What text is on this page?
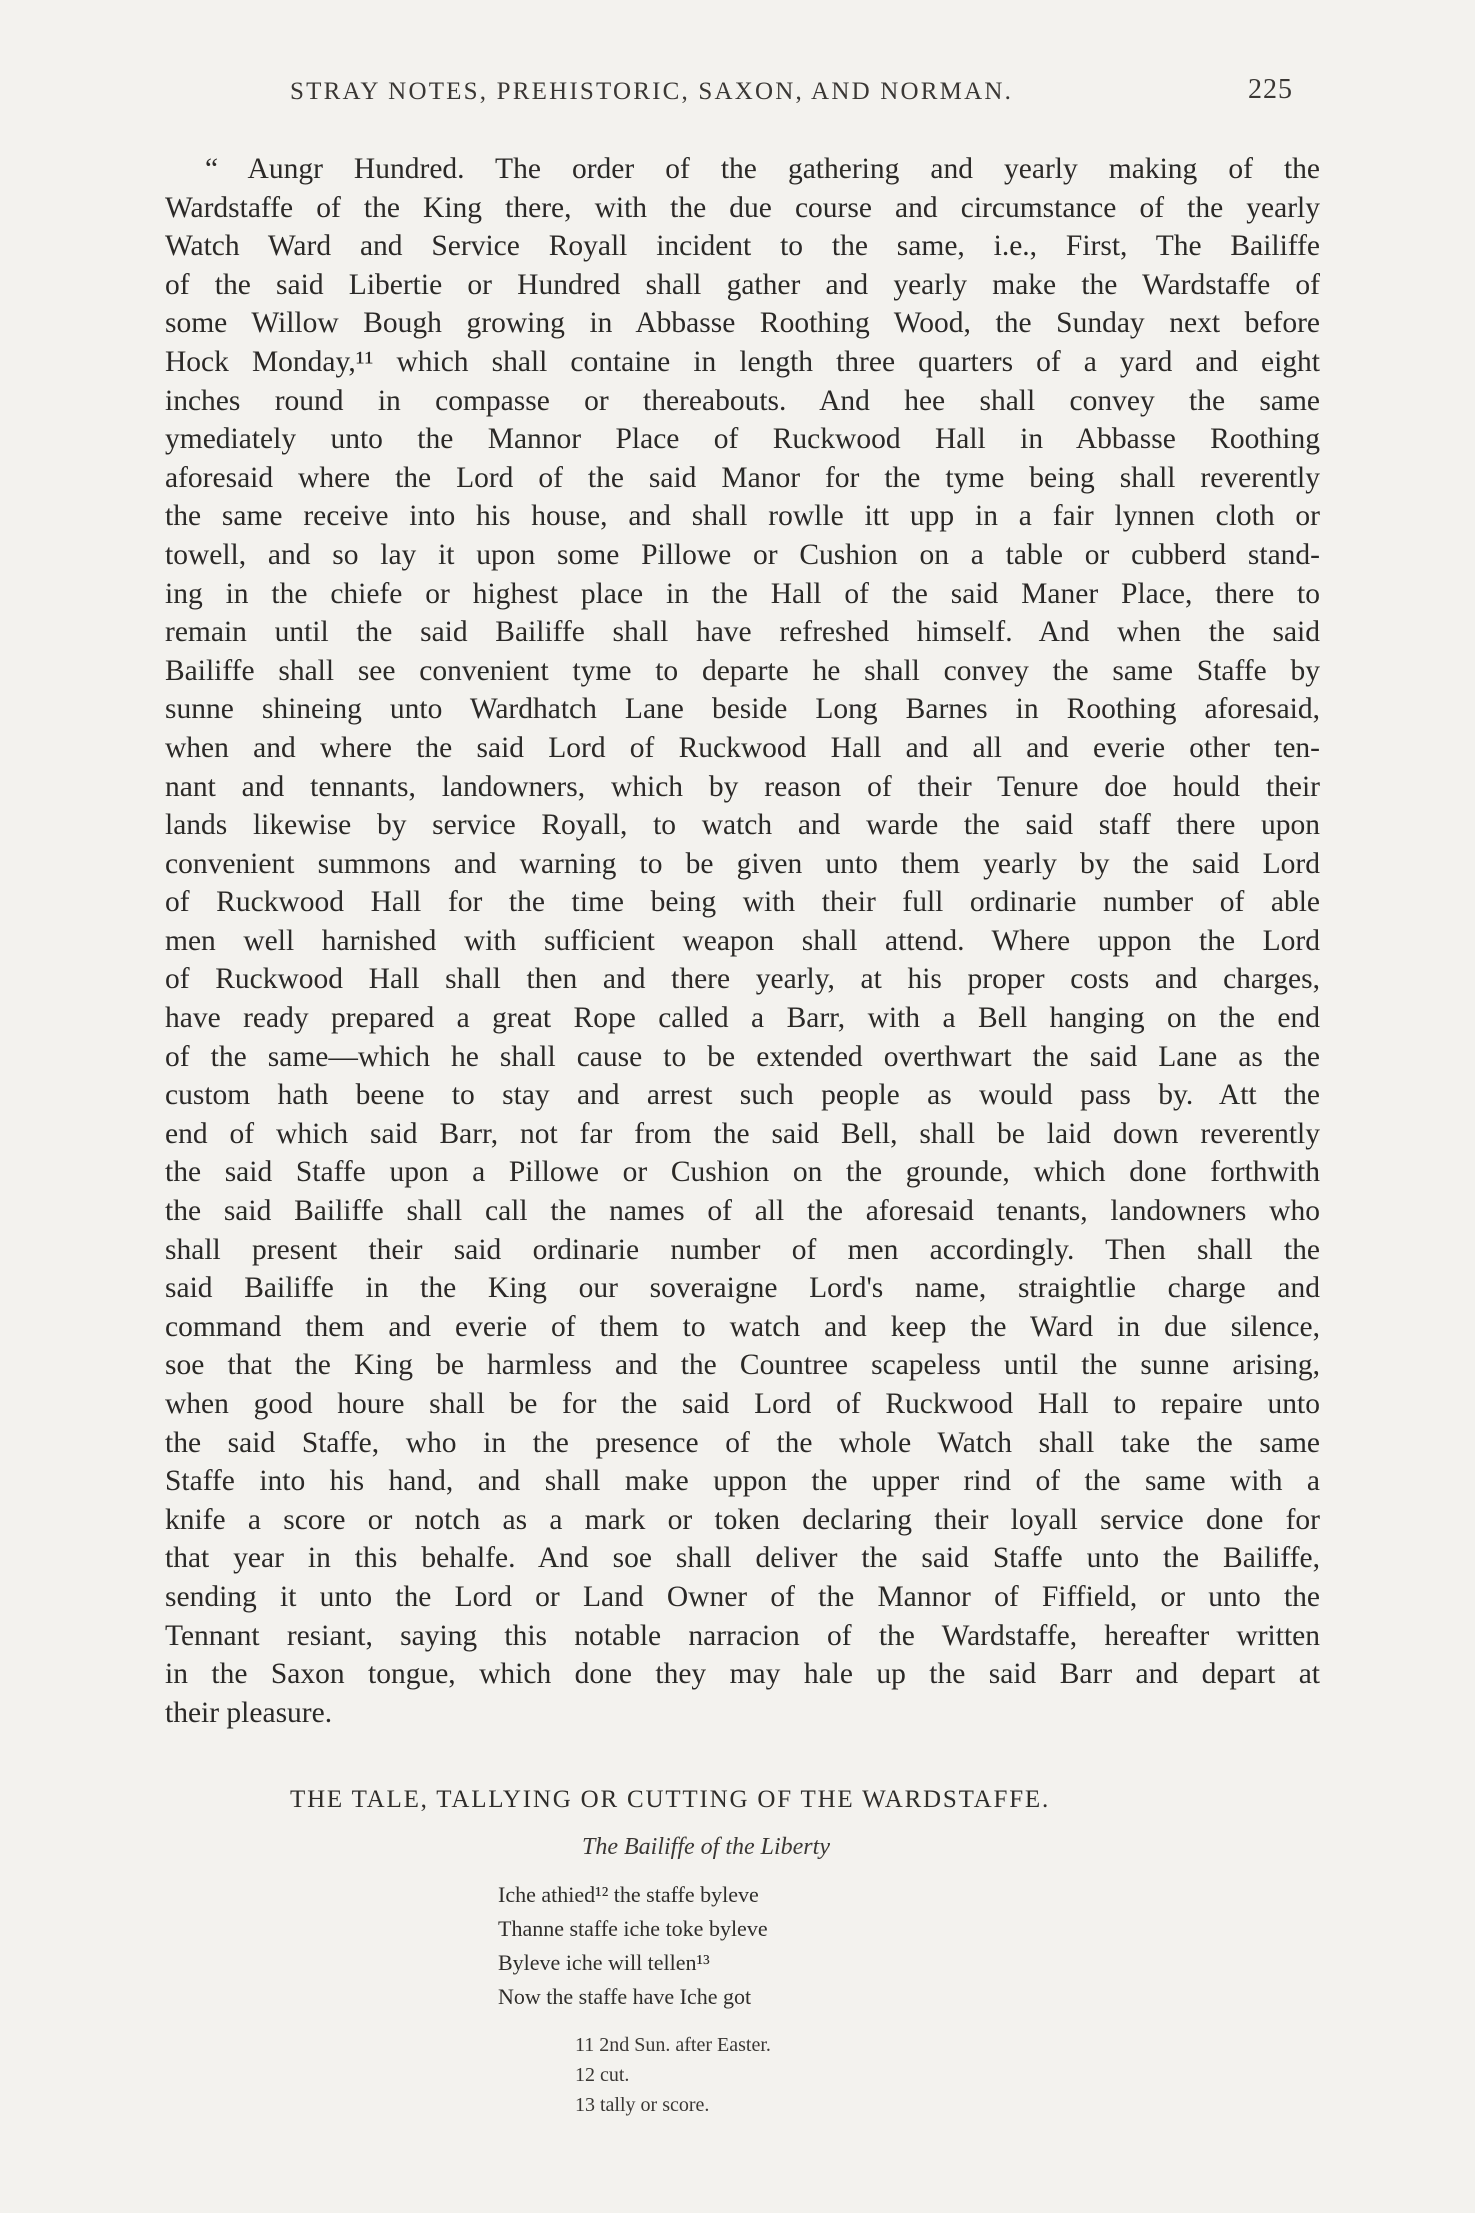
STRAY NOTES, PREHISTORIC, SAXON, AND NORMAN.	225
“ Aungr Hundred. The order of the gathering and yearly making of the
Wardstaffe of the King there, with the due course and circumstance of the yearly
Watch Ward and Service Royall incident to the same, i.e., First, The Bailiffe
of the said Libertie or Hundred shall gather and yearly make the Wardstaffe of
some Willow Bough growing in Abbasse Roothing Wood, the Sunday next before
Hock Monday,¹¹ which shall containe in length three quarters of a yard and eight
inches round in compasse or thereabouts. And hee shall convey the same
ymediately unto the Mannor Place of Ruckwood Hall in Abbasse Roothing
aforesaid where the Lord of the said Manor for the tyme being shall reverently
the same receive into his house, and shall rowlle itt upp in a fair lynnen cloth or
towell, and so lay it upon some Pillowe or Cushion on a table or cubberd stand-
ing in the chiefe or highest place in the Hall of the said Maner Place, there to
remain until the said Bailiffe shall have refreshed himself. And when the said
Bailiffe shall see convenient tyme to departe he shall convey the same Staffe by
sunne shineing unto Wardhatch Lane beside Long Barnes in Roothing aforesaid,
when and where the said Lord of Ruckwood Hall and all and everie other ten-
nant and tennants, landowners, which by reason of their Tenure doe hould their
lands likewise by service Royall, to watch and warde the said staff there upon
convenient summons and warning to be given unto them yearly by the said Lord
of Ruckwood Hall for the time being with their full ordinarie number of able
men well harnished with sufficient weapon shall attend. Where uppon the Lord
of Ruckwood Hall shall then and there yearly, at his proper costs and charges,
have ready prepared a great Rope called a Barr, with a Bell hanging on the end
of the same—which he shall cause to be extended overthwart the said Lane as the
custom hath beene to stay and arrest such people as would pass by. Att the
end of which said Barr, not far from the said Bell, shall be laid down reverently
the said Staffe upon a Pillowe or Cushion on the grounde, which done forthwith
the said Bailiffe shall call the names of all the aforesaid tenants, landowners who
shall present their said ordinarie number of men accordingly. Then shall the
said Bailiffe in the King our soveraigne Lord's name, straightlie charge and
command them and everie of them to watch and keep the Ward in due silence,
soe that the King be harmless and the Countree scapeless until the sunne arising,
when good houre shall be for the said Lord of Ruckwood Hall to repaire unto
the said Staffe, who in the presence of the whole Watch shall take the same
Staffe into his hand, and shall make uppon the upper rind of the same with a
knife a score or notch as a mark or token declaring their loyall service done for
that year in this behalfe. And soe shall deliver the said Staffe unto the Bailiffe,
sending it unto the Lord or Land Owner of the Mannor of Fiffield, or unto the
Tennant resiant, saying this notable narracion of the Wardstaffe, hereafter written
in the Saxon tongue, which done they may hale up the said Barr and depart at
their pleasure.
THE TALE, TALLYING OR CUTTING OF THE WARDSTAFFE.
The Bailiffe of the Liberty
Iche athied¹² the staffe byleve
Thanne staffe iche toke byleve
Byleve iche will tellen¹³
Now the staffe have Iche got
11 2nd Sun. after Easter.
12 cut.
13 tally or score.
